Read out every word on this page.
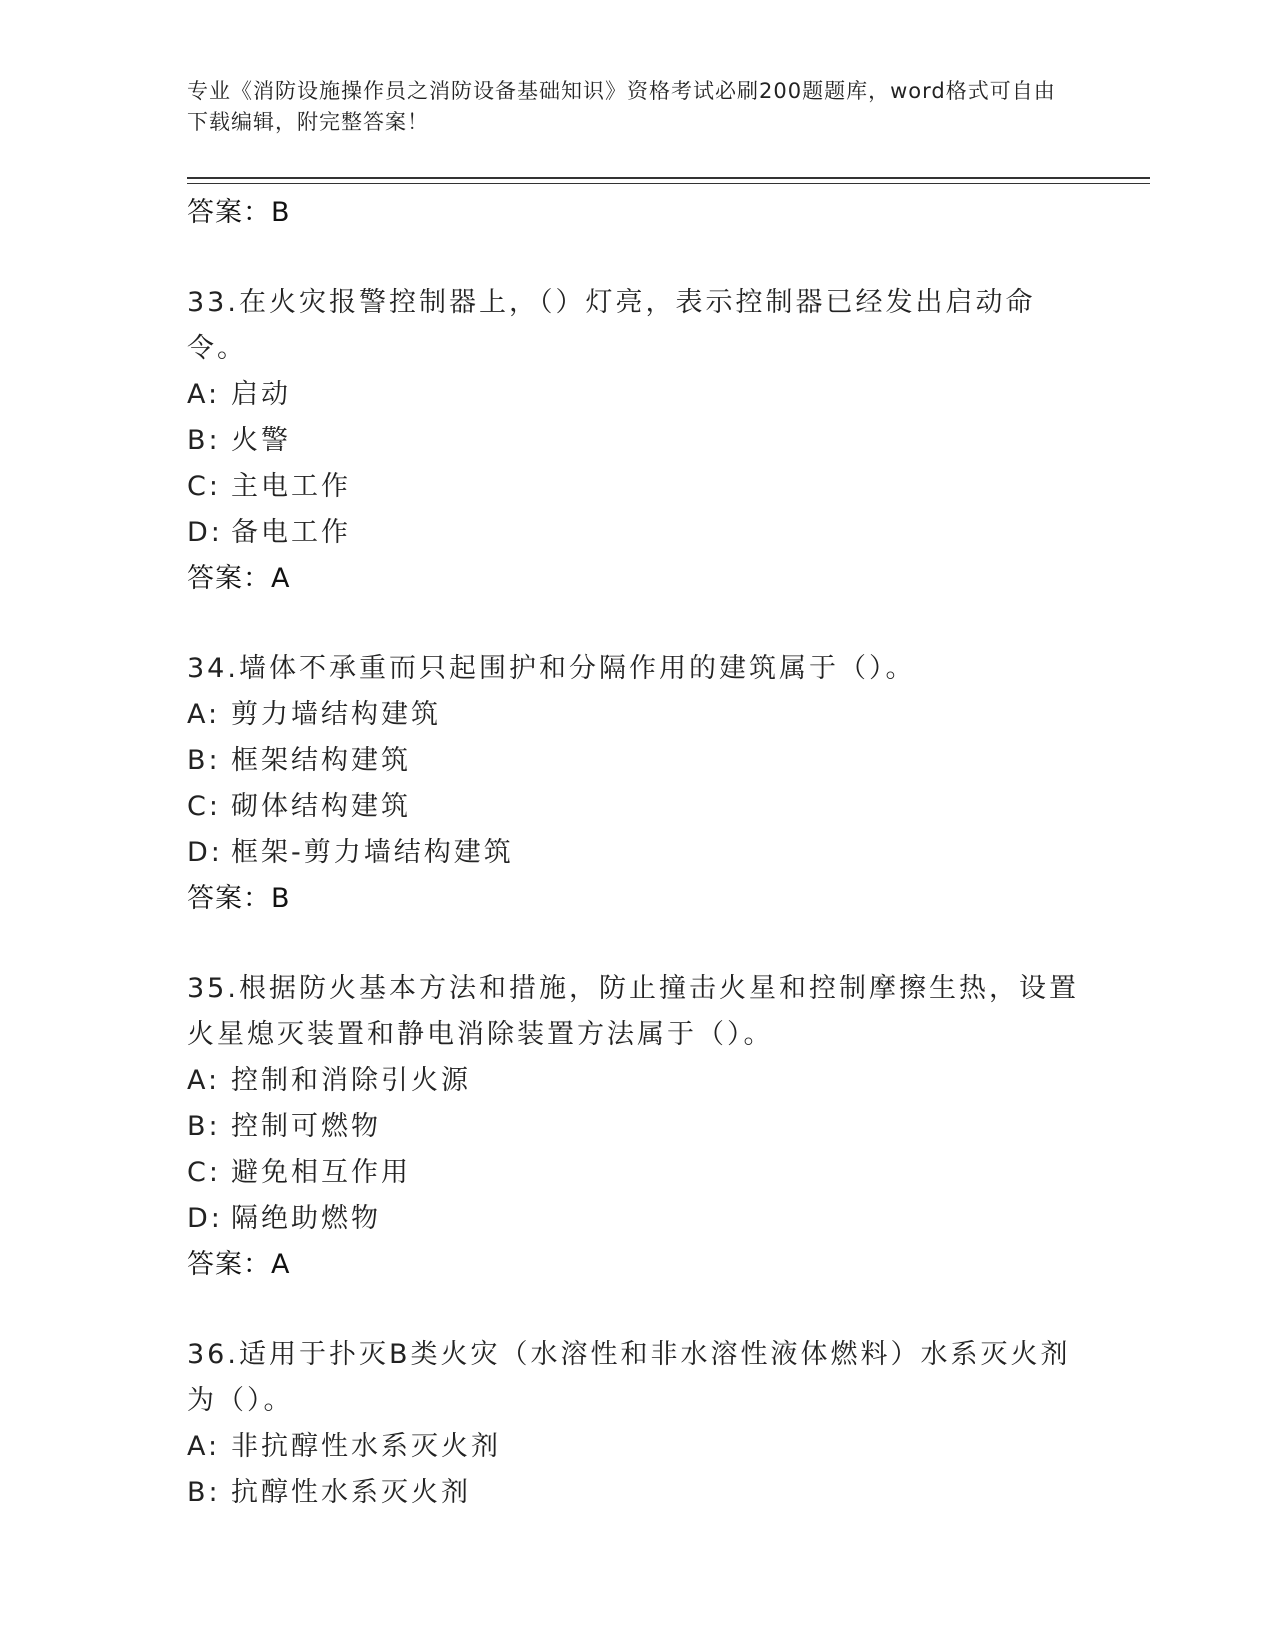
专业《消防设施操作员之消防设备基础知识》资格考试必刷200题题库，word格式可自由下载编辑，附完整答案！
答案：B
33.在火灾报警控制器上，（）灯亮，表示控制器已经发出启动命令。
A: 启动
B: 火警
C: 主电工作
D: 备电工作
答案：A
34.墙体不承重而只起围护和分隔作用的建筑属于（）。
A: 剪力墙结构建筑
B: 框架结构建筑
C: 砌体结构建筑
D: 框架-剪力墙结构建筑
答案：B
35.根据防火基本方法和措施，防止撞击火星和控制摩擦生热，设置火星熄灭装置和静电消除装置方法属于（）。
A: 控制和消除引火源
B: 控制可燃物
C: 避免相互作用
D: 隔绝助燃物
答案：A
36.适用于扑灭B类火灾（水溶性和非水溶性液体燃料）水系灭火剂为（）。
A: 非抗醇性水系灭火剂
B: 抗醇性水系灭火剂
